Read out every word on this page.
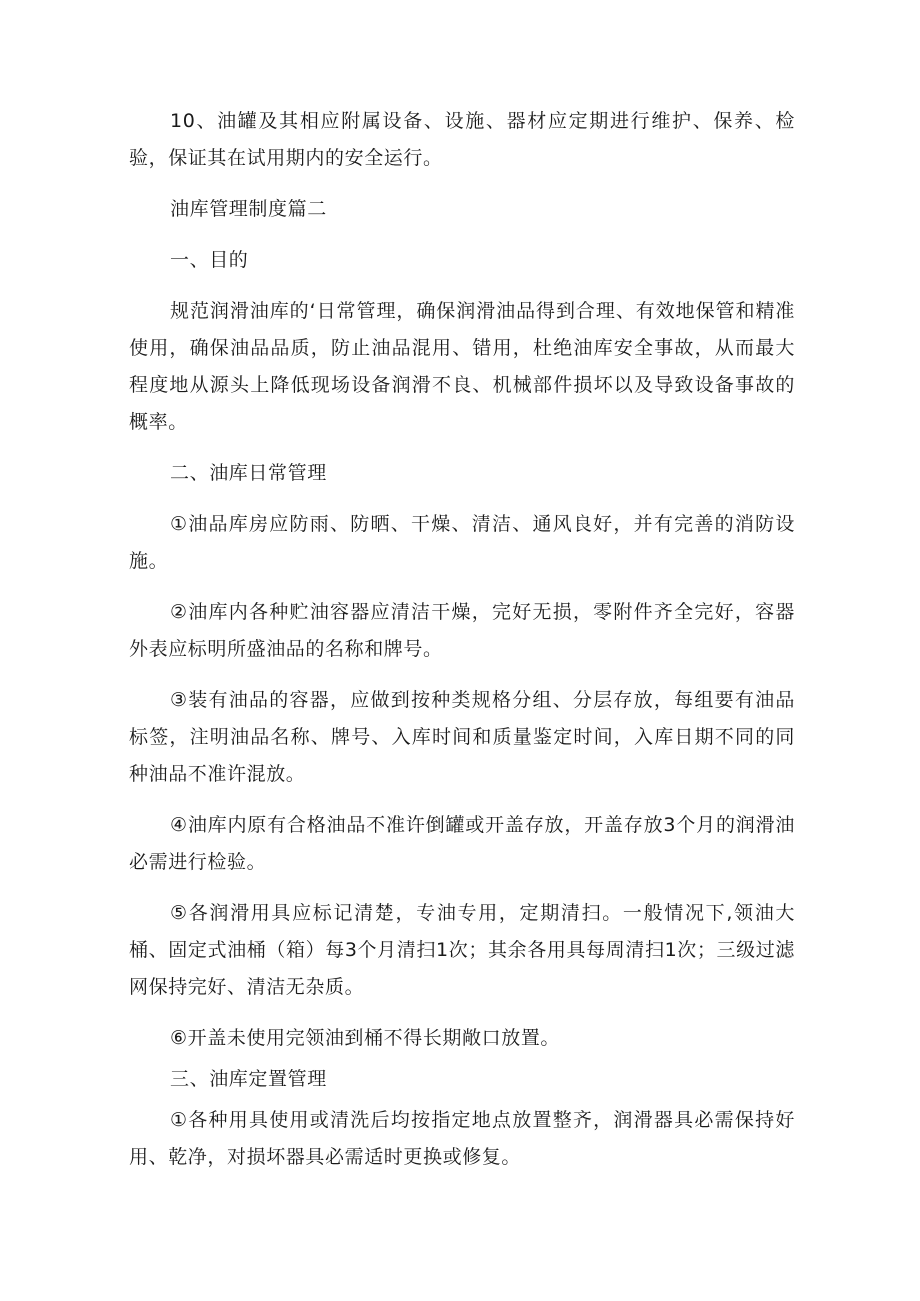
10、油罐及其相应附属设备、设施、器材应定期进行维护、保养、检验，保证其在试用期内的安全运行。

油库管理制度篇二

一、目的

规范润滑油库的‘日常管理，确保润滑油品得到合理、有效地保管和精准使用，确保油品品质，防止油品混用、错用，杜绝油库安全事故，从而最大程度地从源头上降低现场设备润滑不良、机械部件损坏以及导致设备事故的概率。

二、油库日常管理

①油品库房应防雨、防晒、干燥、清洁、通风良好，并有完善的消防设施。

②油库内各种贮油容器应清洁干燥，完好无损，零附件齐全完好，容器外表应标明所盛油品的名称和牌号。

③装有油品的容器，应做到按种类规格分组、分层存放，每组要有油品标签，注明油品名称、牌号、入库时间和质量鉴定时间，入库日期不同的同种油品不准许混放。

④油库内原有合格油品不准许倒罐或开盖存放，开盖存放3个月的润滑油必需进行检验。

⑤各润滑用具应标记清楚，专油专用，定期清扫。一般情况下,领油大桶、固定式油桶（箱）每3个月清扫1次；其余各用具每周清扫1次；三级过滤网保持完好、清洁无杂质。

⑥开盖未使用完领油到桶不得长期敞口放置。

三、油库定置管理

①各种用具使用或清洗后均按指定地点放置整齐，润滑器具必需保持好用、乾净，对损坏器具必需适时更换或修复。
